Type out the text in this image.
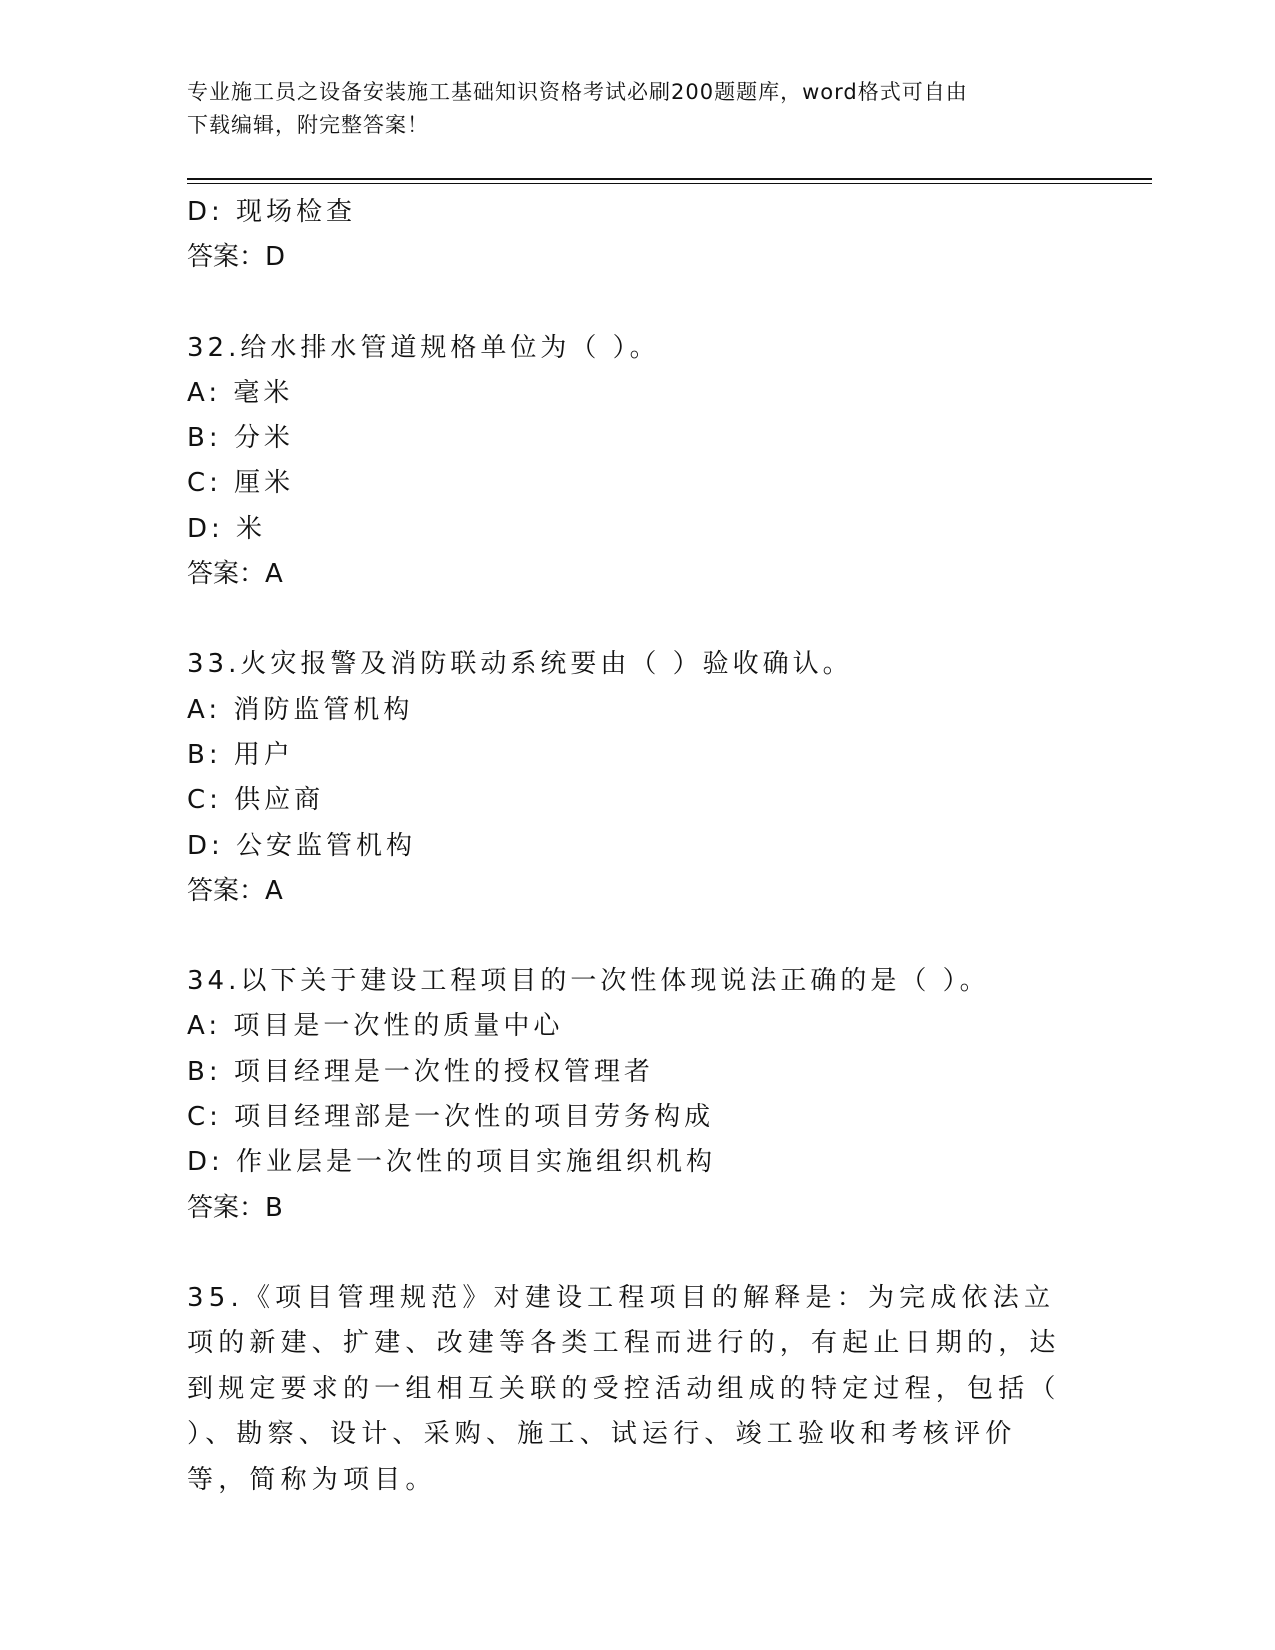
专业施工员之设备安装施工基础知识资格考试必刷200题题库，word格式可自由
下载编辑，附完整答案！
D: 现场检查
答案：D
32.给水排水管道规格单位为（ ）。
A: 毫米
B: 分米
C: 厘米
D: 米
答案：A
33.火灾报警及消防联动系统要由（ ）验收确认。
A: 消防监管机构
B: 用户
C: 供应商
D: 公安监管机构
答案：A
34.以下关于建设工程项目的一次性体现说法正确的是（ ）。
A: 项目是一次性的质量中心
B: 项目经理是一次性的授权管理者
C: 项目经理部是一次性的项目劳务构成
D: 作业层是一次性的项目实施组织机构
答案：B
35.《项目管理规范》对建设工程项目的解释是：为完成依法立项的新建、扩建、改建等各类工程而进行的，有起止日期的，达到规定要求的一组相互关联的受控活动组成的特定过程，包括（ ）、勘察、设计、采购、施工、试运行、竣工验收和考核评价等，简称为项目。
